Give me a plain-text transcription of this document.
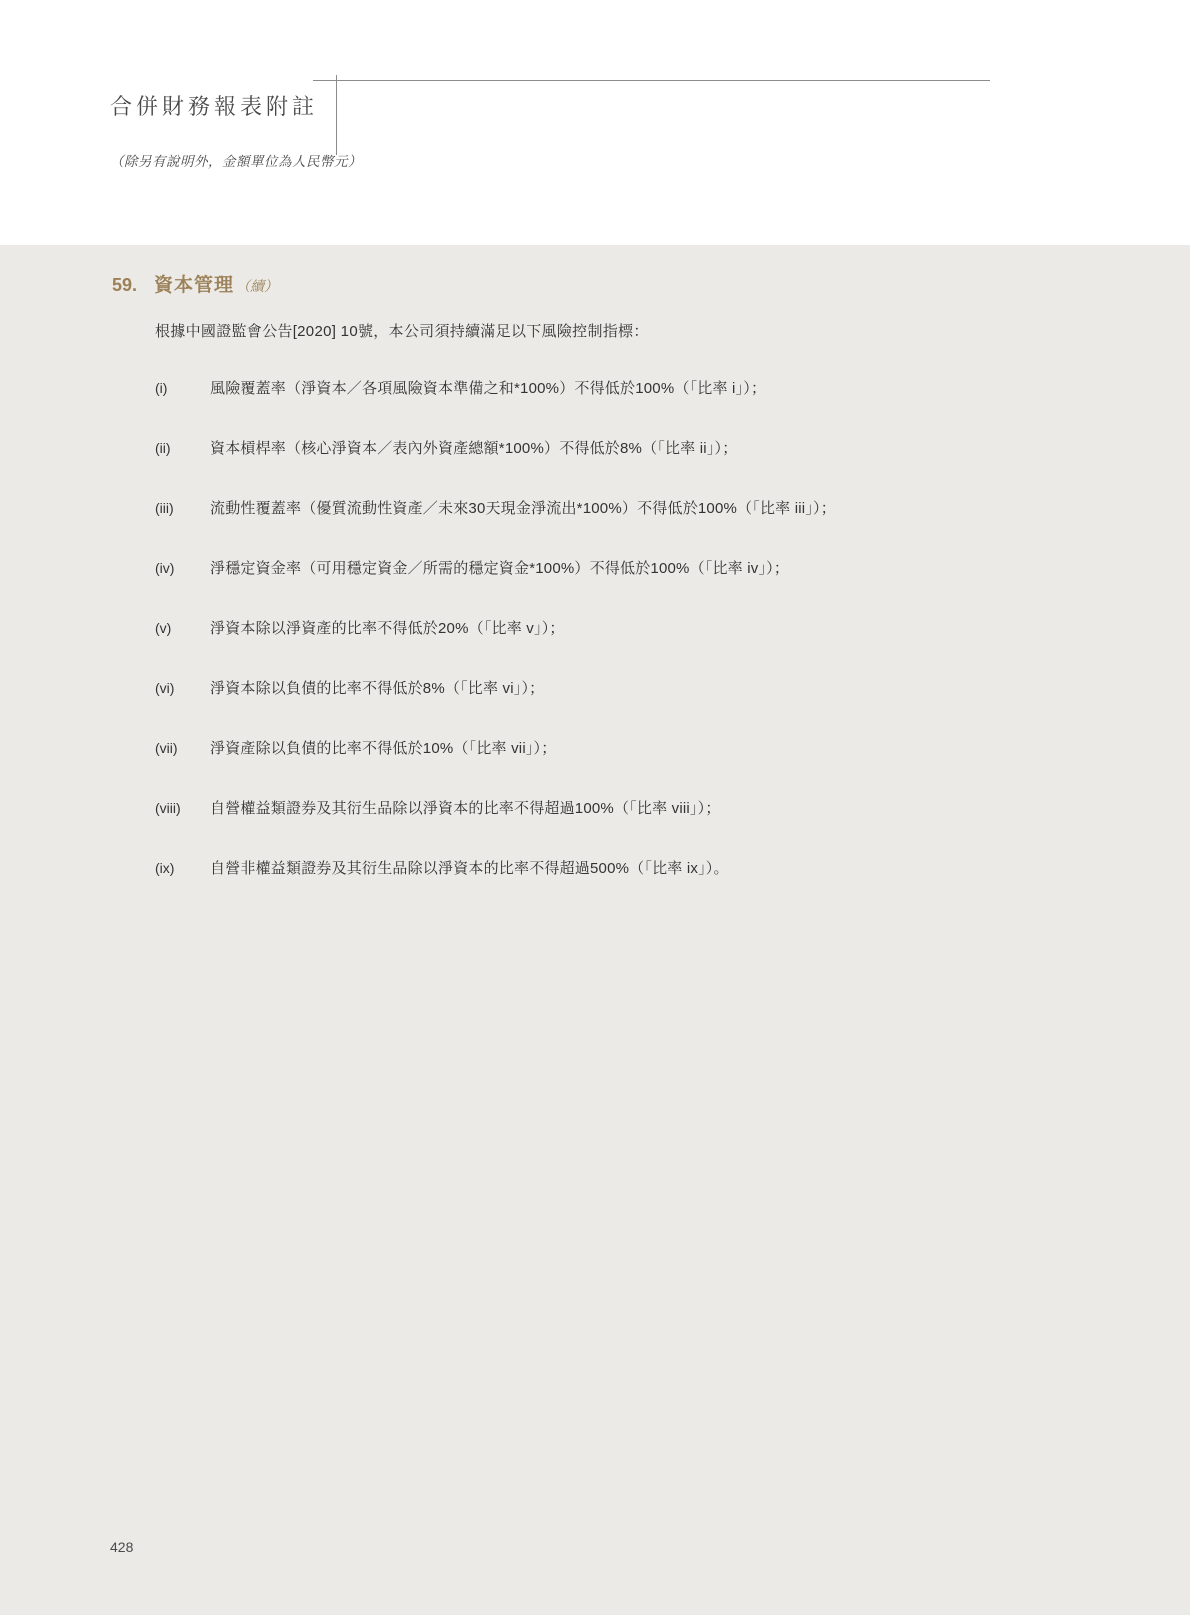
合併財務報表附註
（除另有說明外，金額單位為人民幣元）
59. 資本管理 （續）
根據中國證監會公告[2020] 10號，本公司須持續滿足以下風險控制指標：
(i)	風險覆蓋率（淨資本／各項風險資本準備之和*100%）不得低於100%（「比率 i」）；
(ii)	資本槓桿率（核心淨資本／表內外資產總額*100%）不得低於8%（「比率 ii」）；
(iii)	流動性覆蓋率（優質流動性資產／未來30天現金淨流出*100%）不得低於100%（「比率 iii」）；
(iv)	淨穩定資金率（可用穩定資金／所需的穩定資金*100%）不得低於100%（「比率 iv」）；
(v)	淨資本除以淨資產的比率不得低於20%（「比率 v」）；
(vi)	淨資本除以負債的比率不得低於8%（「比率 vi」）；
(vii)	淨資產除以負債的比率不得低於10%（「比率 vii」）；
(viii)	自營權益類證券及其衍生品除以淨資本的比率不得超過100%（「比率 viii」）；
(ix)	自營非權益類證券及其衍生品除以淨資本的比率不得超過500%（「比率 ix」）。
428
